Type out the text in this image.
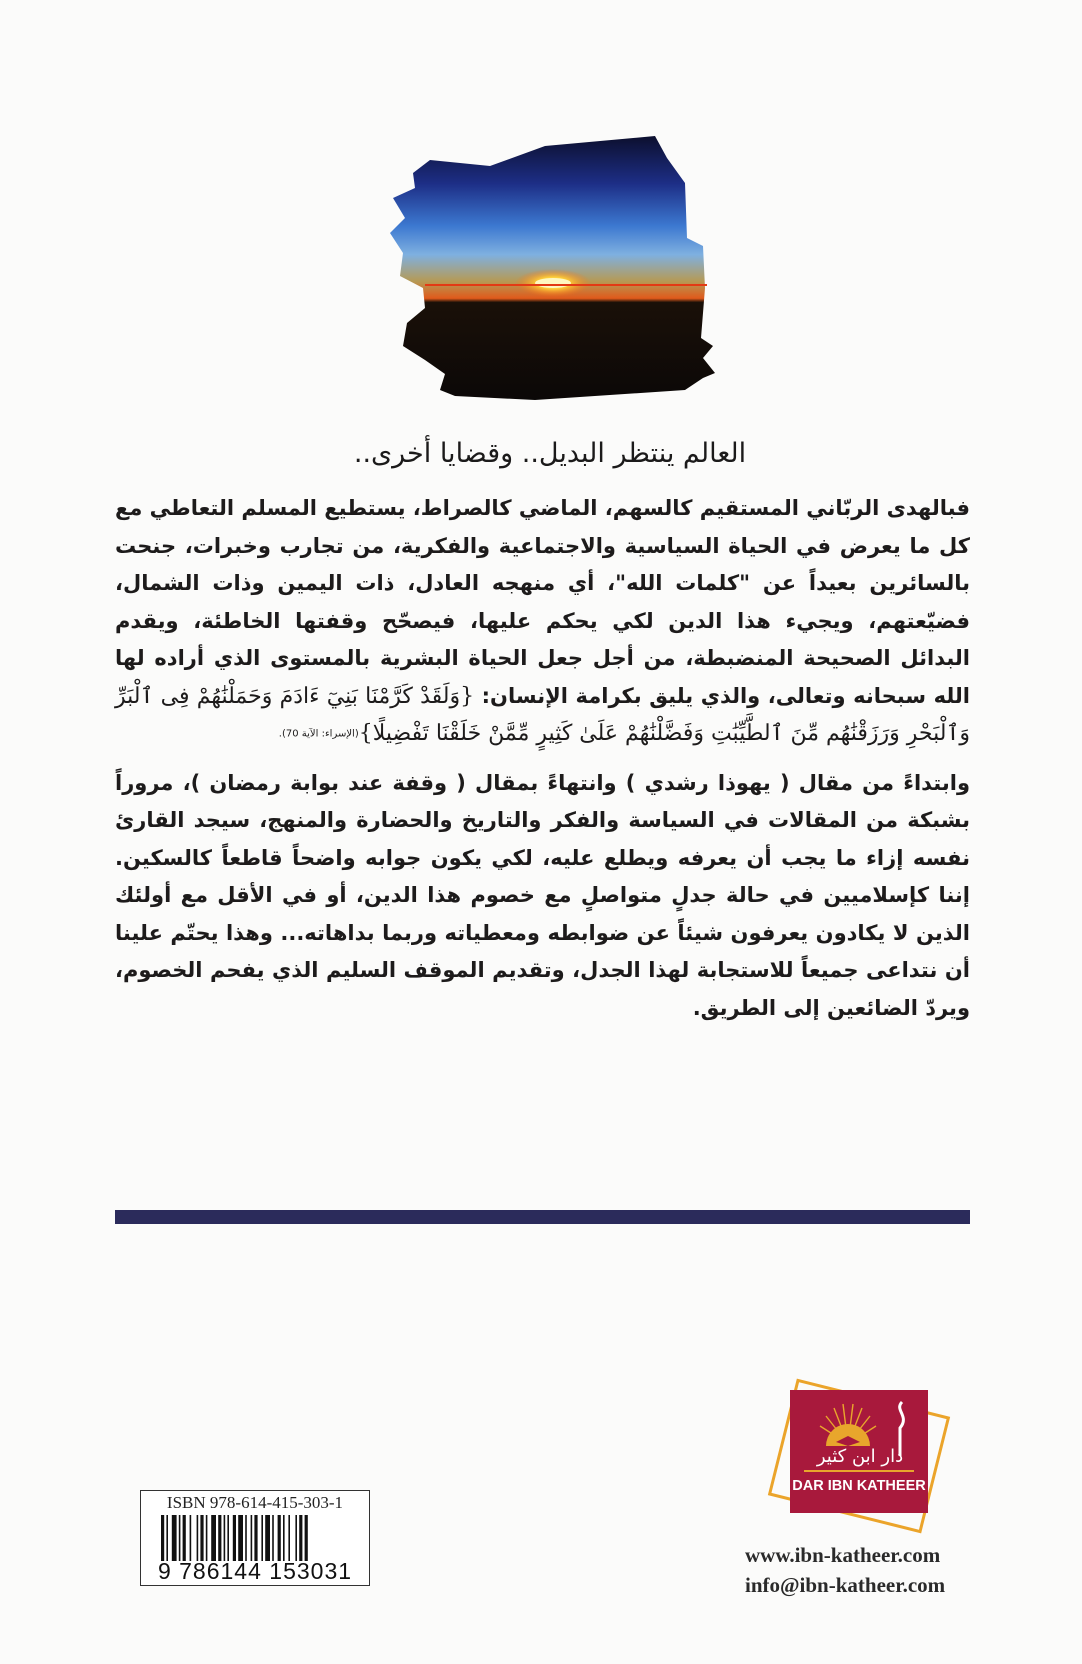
العالم ينتظر البديل.. وقضايا أخرى..

فبالهدى الربّاني المستقيم كالسهم، الماضي كالصراط، يستطيع المسلم التعاطي مع كل ما يعرض في الحياة السياسية والاجتماعية والفكرية، من تجارب وخبرات، جنحت بالسائرين بعيداً عن "كلمات الله"، أي منهجه العادل، ذات اليمين وذات الشمال، فضيّعتهم، ويجيء هذا الدين لكي يحكم عليها، فيصحّح وقفتها الخاطئة، ويقدم البدائل الصحيحة المنضبطة، من أجل جعل الحياة البشرية بالمستوى الذي أراده لها الله سبحانه وتعالى، والذي يليق بكرامة الإنسان: {وَلَقَدْ كَرَّمْنَا بَنِيٓ ءَادَمَ وَحَمَلْنَٰهُمْ فِى ٱلْبَرِّ وَٱلْبَحْرِ وَرَزَقْنَٰهُم مِّنَ ٱلطَّيِّبَٰتِ وَفَضَّلْنَٰهُمْ عَلَىٰ كَثِيرٍ مِّمَّنْ خَلَقْنَا تَفْضِيلًا}(الإسراء: الآية 70).

وابتداءً من مقال ( يهوذا رشدي ) وانتهاءً بمقال ( وقفة عند بوابة رمضان )، مروراً بشبكة من المقالات في السياسة والفكر والتاريخ والحضارة والمنهج، سيجد القارئ نفسه إزاء ما يجب أن يعرفه ويطلع عليه، لكي يكون جوابه واضحاً قاطعاً كالسكين. إننا كإسلاميين في حالة جدلٍ متواصلٍ مع خصوم هذا الدين، أو في الأقل مع أولئك الذين لا يكادون يعرفون شيئاً عن ضوابطه ومعطياته وربما بداهاته... وهذا يحتّم علينا أن نتداعى جميعاً للاستجابة لهذا الجدل، وتقديم الموقف السليم الذي يفحم الخصوم، ويردّ الضائعين إلى الطريق.

ISBN 978-614-415-303-1
9 786144 153031
دار ابن كثير
DAR IBN KATHEER
www.ibn-katheer.com
info@ibn-katheer.com
